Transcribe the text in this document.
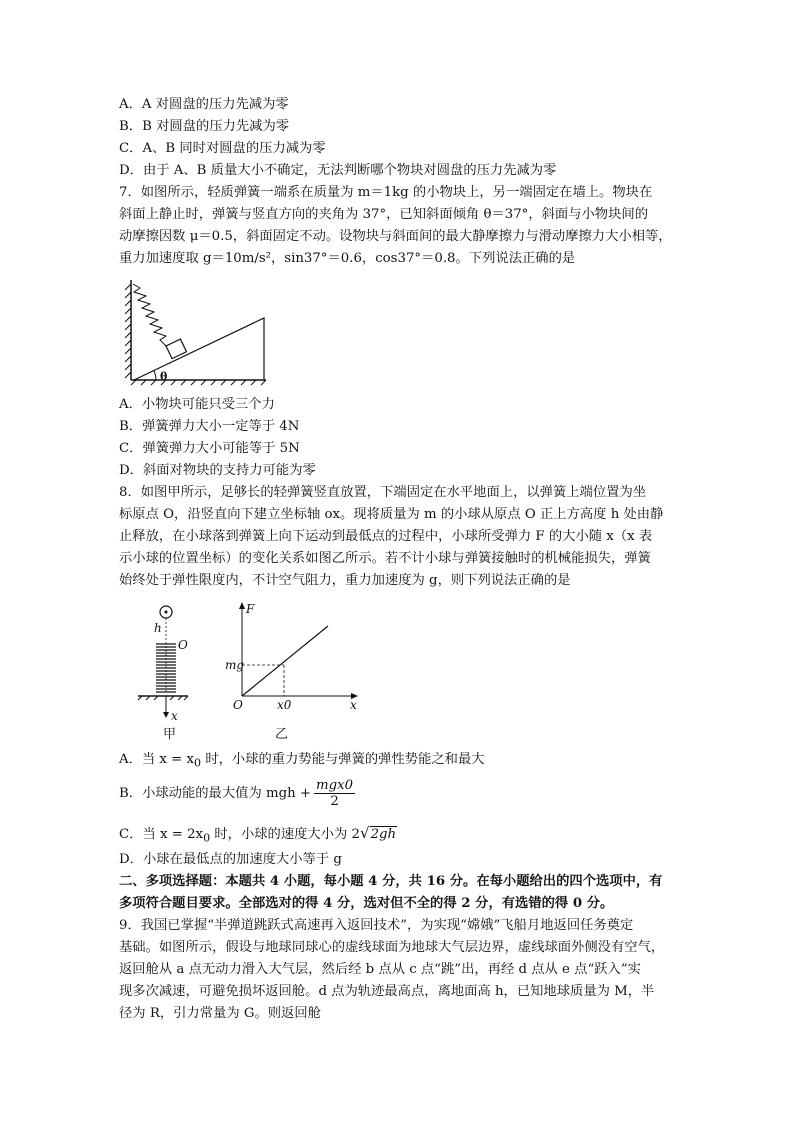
A．A 对圆盘的压力先减为零
B．B 对圆盘的压力先减为零
C．A、B 同时对圆盘的压力减为零
D．由于 A、B 质量大小不确定，无法判断哪个物块对圆盘的压力先减为零
7．如图所示，轻质弹簧一端系在质量为 m＝1kg 的小物块上，另一端固定在墙上。物块在
斜面上静止时，弹簧与竖直方向的夹角为 37°，已知斜面倾角 θ＝37°，斜面与小物块间的
动摩擦因数 μ＝0.5，斜面固定不动。设物块与斜面间的最大静摩擦力与滑动摩擦力大小相等，
重力加速度取 g＝10m/s²，sin37°＝0.6，cos37°＝0.8。下列说法正确的是
θ
A．小物块可能只受三个力
B．弹簧弹力大小一定等于 4N
C．弹簧弹力大小可能等于 5N
D．斜面对物块的支持力可能为零
8．如图甲所示，足够长的轻弹簧竖直放置，下端固定在水平地面上，以弹簧上端位置为坐
标原点 O，沿竖直向下建立坐标轴 ox。现将质量为 m 的小球从原点 O 正上方高度 h 处由静
止释放，在小球落到弹簧上向下运动到最低点的过程中，小球所受弹力 F 的大小随 x（x 表
示小球的位置坐标）的变化关系如图乙所示。若不计小球与弹簧接触时的机械能损失，弹簧
始终处于弹性限度内，不计空气阻力，重力加速度为 g，则下列说法正确的是
h
O
x
甲
F
mg
O	x0	x
乙
A．当 $x = x_0$ 时，小球的重力势能与弹簧的弹性势能之和最大
B．小球动能的最大值为 mgh + $\frac{\text{mgx0}}{2}$
C．当 $x = 2x_0$ 时，小球的速度大小为 2√2gh
D．小球在最低点的加速度大小等于 g
二、多项选择题：本题共 4 小题，每小题 4 分，共 16 分。在每小题给出的四个选项中，有
多项符合题目要求。全部选对的得 4 分，选对但不全的得 2 分，有选错的得 0 分。
9．我国已掌握“半弹道跳跃式高速再入返回技术”，为实现“嫦娥”飞船月地返回任务奠定
基础。如图所示，假设与地球同球心的虚线球面为地球大气层边界，虚线球面外侧没有空气，
返回舱从 a 点无动力滑入大气层，然后经 b 点从 c 点“跳”出，再经 d 点从 e 点“跃入”实
现多次减速，可避免损坏返回舱。d 点为轨迹最高点，离地面高 h，已知地球质量为 M，半
径为 R，引力常量为 G。则返回舱
